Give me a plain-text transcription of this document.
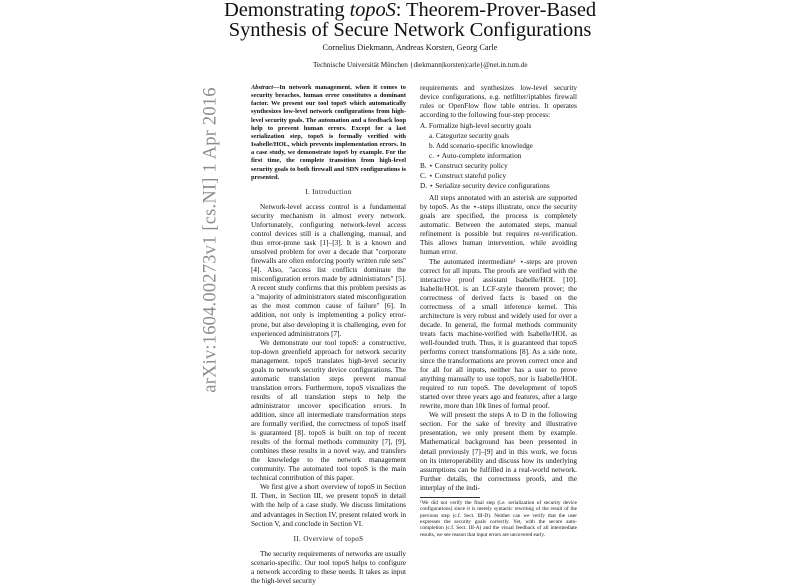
Demonstrating topoS: Theorem-Prover-Based
Synthesis of Secure Network Configurations
Cornelius Diekmann, Andreas Korsten, Georg Carle
Technische Universität München {diekmann|korsten|carle}@net.in.tum.de
arXiv:1604.00273v1 [cs.NI] 1 Apr 2016	Abstract—In network management, when it comes to security breaches, human error constitutes a dominant factor. We present our tool topoS which automatically synthesizes low-level network configurations from high-level security goals. The automation and a feedback loop help to prevent human errors. Except for a last serialization step, topoS is formally verified with Isabelle/HOL, which prevents implementation errors. In a case study, we demonstrate topoS by example. For the first time, the complete transition from high-level security goals to both firewall and SDN configurations is presented.

I. Introduction

Network-level access control is a fundamental security mechanism in almost every network. Unfortunately, configuring network-level access control devices still is a challenging, manual, and thus error-prone task [1]–[3]. It is a known and unsolved problem for over a decade that "corporate firewalls are often enforcing poorly written rule sets" [4]. Also, "access list conflicts dominate the misconfiguration errors made by administrators" [5]. A recent study confirms that this problem persists as a "majority of administrators stated misconfiguration as the most common cause of failure" [6]. In addition, not only is implementing a policy error-prone, but also developing it is challenging, even for experienced administrators [7].

We demonstrate our tool topoS: a constructive, top-down greenfield approach for network security management. topoS translates high-level security goals to network security device configurations. The automatic translation steps prevent manual translation errors. Furthermore, topoS visualizes the results of all translation steps to help the administrator uncover specification errors. In addition, since all intermediate transformation steps are formally verified, the correctness of topoS itself is guaranteed [8]. topoS is built on top of recent results of the formal methods community [7], [9], combines these results in a novel way, and transfers the knowledge to the network management community. The automated tool topoS is the main technical contribution of this paper.

We first give a short overview of topoS in Section II. Then, in Section III, we present topoS in detail with the help of a case study. We discuss limitations and advantages in Section IV, present related work in Section V, and conclude in Section VI.

II. Overview of topoS

The security requirements of networks are usually scenario-specific. Our tool topoS helps to configure a network according to these needs. It takes as input the high-level security

requirements and synthesizes low-level security device configurations, e.g. netfilter/iptables firewall rules or OpenFlow flow table entries. It operates according to the following four-step process:

A. Formalize high-level security goals
a. Categorize security goals
b. Add scenario-specific knowledge
c. ⋆ Auto-complete information
B. ⋆ Construct security policy
C. ⋆ Construct stateful policy
D. ⋆ Serialize security device configurations

All steps annotated with an asterisk are supported by topoS. As the ⋆-steps illustrate, once the security goals are specified, the process is completely automatic. Between the automated steps, manual refinement is possible but requires re-verification. This allows human intervention, while avoiding human error.

The automated intermediate¹ ⋆-steps are proven correct for all inputs. The proofs are verified with the interactive proof assistant Isabelle/HOL [10]. Isabelle/HOL is an LCF-style theorem prover; the correctness of derived facts is based on the correctness of a small inference kernel. This architecture is very robust and widely used for over a decade. In general, the formal methods community treats facts machine-verified with Isabelle/HOL as well-founded truth. Thus, it is guaranteed that topoS performs correct transformations [8]. As a side note, since the transformations are proven correct once and for all for all inputs, neither has a user to prove anything manually to use topoS, nor is Isabelle/HOL required to run topoS. The development of topoS started over three years ago and features, after a large rewrite, more than 10k lines of formal proof.

We will present the steps A to D in the following section. For the sake of brevity and illustrative presentation, we only present them by example. Mathematical background has been presented in detail previously [7]–[9] and in this work, we focus on its interoperability and discuss how its underlying assumptions can be fulfilled in a real-world network. Further details, the correctness proofs, and the interplay of the indi-

¹We did not verify the final step (i.e. serialization of security device configurations) since it is merely syntactic rewriting of the result of the previous step (c.f. Sect. III-D). Neither can we verify that the user expresses the security goals correctly. Yet, with the secure auto-completion (c.f. Sect. III-A) and the visual feedback of all intermediate results, we see reason that input errors are uncovered early.
